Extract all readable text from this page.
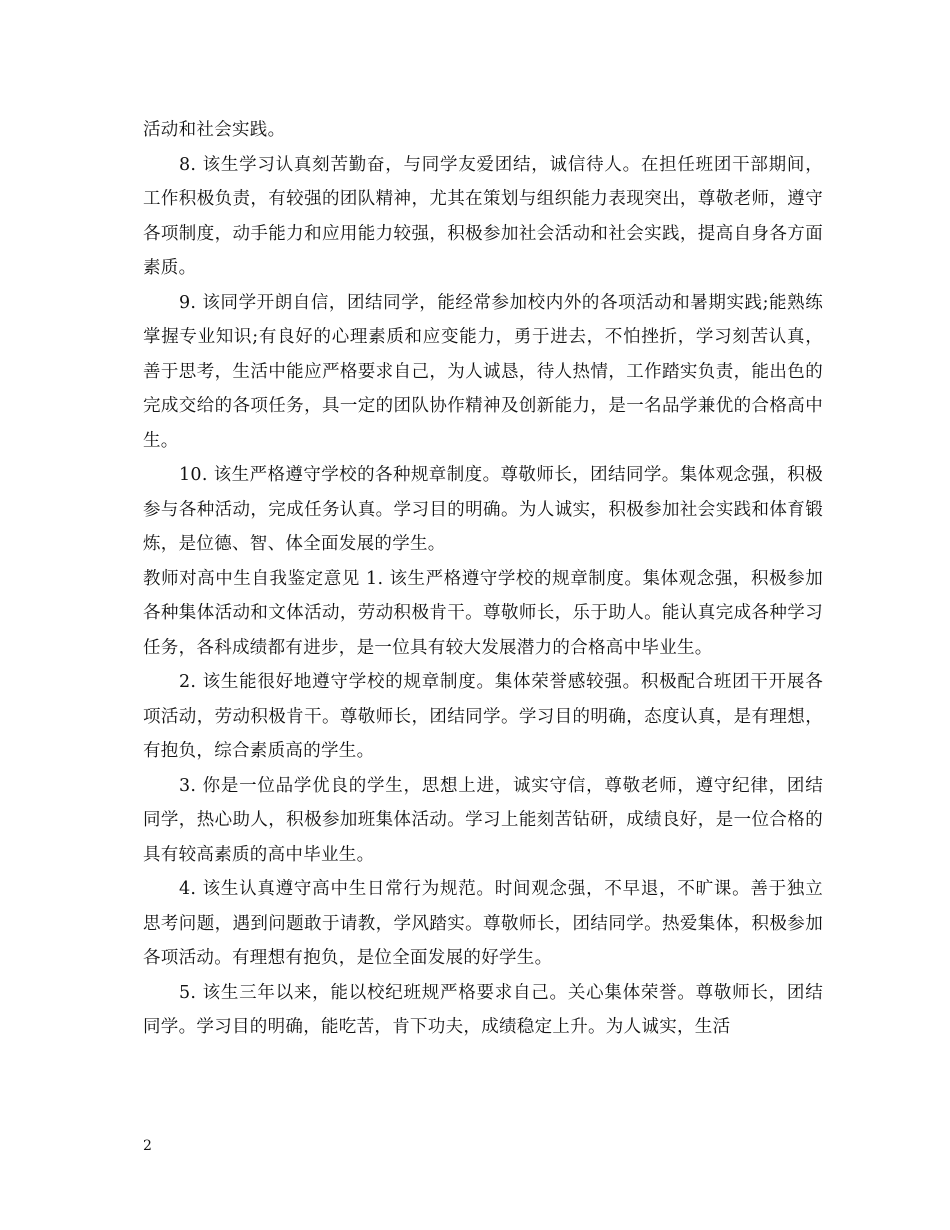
活动和社会实践。

8. 该生学习认真刻苦勤奋，与同学友爱团结，诚信待人。在担任班团干部期间，工作积极负责，有较强的团队精神，尤其在策划与组织能力表现突出，尊敬老师，遵守各项制度，动手能力和应用能力较强，积极参加社会活动和社会实践，提高自身各方面素质。

9. 该同学开朗自信，团结同学，能经常参加校内外的各项活动和暑期实践;能熟练掌握专业知识;有良好的心理素质和应变能力，勇于进去，不怕挫折，学习刻苦认真，善于思考，生活中能应严格要求自己，为人诚恳，待人热情，工作踏实负责，能出色的完成交给的各项任务，具一定的团队协作精神及创新能力，是一名品学兼优的合格高中生。

10. 该生严格遵守学校的各种规章制度。尊敬师长，团结同学。集体观念强，积极参与各种活动，完成任务认真。学习目的明确。为人诚实，积极参加社会实践和体育锻炼，是位德、智、体全面发展的学生。

教师对高中生自我鉴定意见 1. 该生严格遵守学校的规章制度。集体观念强，积极参加各种集体活动和文体活动，劳动积极肯干。尊敬师长，乐于助人。能认真完成各种学习任务，各科成绩都有进步，是一位具有较大发展潜力的合格高中毕业生。

2. 该生能很好地遵守学校的规章制度。集体荣誉感较强。积极配合班团干开展各项活动，劳动积极肯干。尊敬师长，团结同学。学习目的明确，态度认真，是有理想，有抱负，综合素质高的学生。

3. 你是一位品学优良的学生，思想上进，诚实守信，尊敬老师，遵守纪律，团结同学，热心助人，积极参加班集体活动。学习上能刻苦钻研，成绩良好，是一位合格的具有较高素质的高中毕业生。

4. 该生认真遵守高中生日常行为规范。时间观念强，不早退，不旷课。善于独立思考问题，遇到问题敢于请教，学风踏实。尊敬师长，团结同学。热爱集体，积极参加各项活动。有理想有抱负，是位全面发展的好学生。

5. 该生三年以来，能以校纪班规严格要求自己。关心集体荣誉。尊敬师长，团结同学。学习目的明确，能吃苦，肯下功夫，成绩稳定上升。为人诚实，生活

2
